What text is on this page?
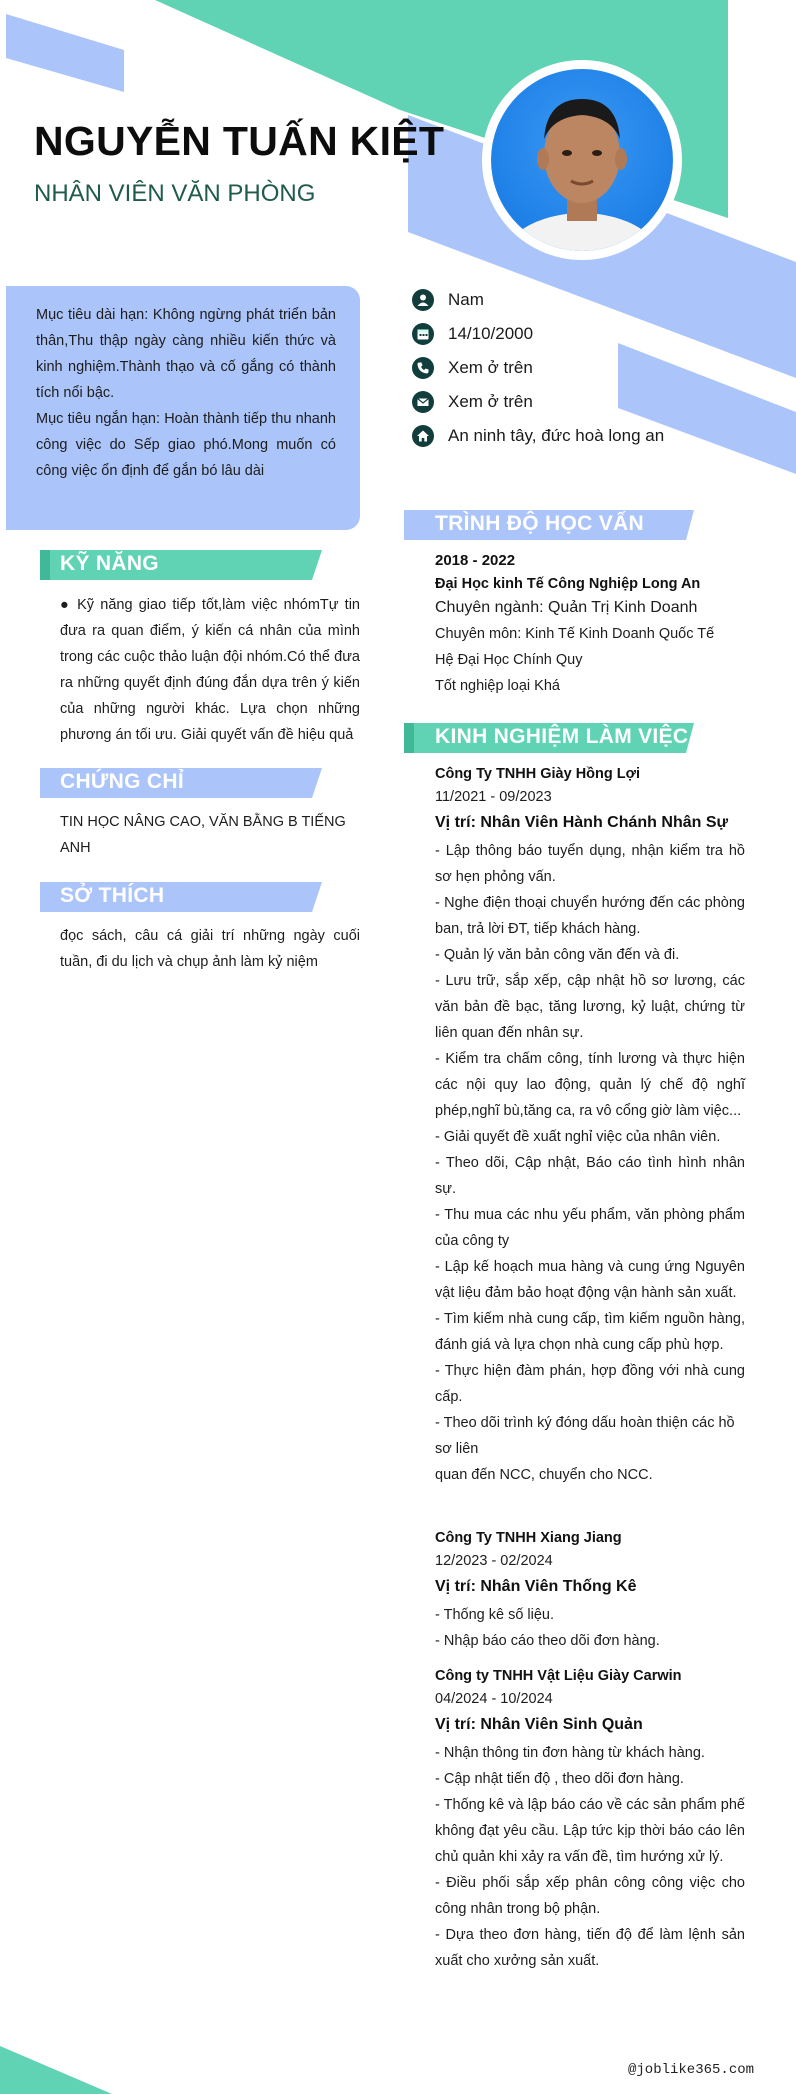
NGUYỄN TUẤN KIỆT
NHÂN VIÊN VĂN PHÒNG

Mục tiêu dài hạn: Không ngừng phát triển bản thân,Thu thập ngày càng nhiều kiến thức và kinh nghiệm.Thành thạo và cố gắng có thành tích nổi bậc.

Mục tiêu ngắn hạn: Hoàn thành tiếp thu nhanh công việc do Sếp giao phó.Mong muốn có công việc ổn định để gắn bó lâu dài

Nam
14/10/2000
Xem ở trên
Xem ở trên
An ninh tây, đức hoà long an
KỸ NĂNG
● Kỹ năng giao tiếp tốt,làm việc nhómTự tin đưa ra quan điểm, ý kiến cá nhân của mình trong các cuộc thảo luận đội nhóm.Có thể đưa ra những quyết định đúng đắn dựa trên ý kiến của những người khác. Lựa chọn những phương án tối ưu. Giải quyết vấn đề hiệu quả
CHỨNG CHỈ
TIN HỌC NÂNG CAO, VĂN BẰNG B TIẾNG ANH
SỞ THÍCH
đọc sách, câu cá giải trí những ngày cuối tuần, đi du lịch và chụp ảnh làm kỷ niệm
TRÌNH ĐỘ HỌC VẤN
2018 - 2022
Đại Học kinh Tế Công Nghiệp Long An
Chuyên ngành: Quản Trị Kinh Doanh
Chuyên môn: Kinh Tế Kinh Doanh Quốc Tế
Hệ Đại Học Chính Quy
Tốt nghiệp loại Khá
KINH NGHIỆM LÀM VIỆC
Công Ty TNHH Giày Hồng Lợi
11/2021 - 09/2023
Vị trí: Nhân Viên Hành Chánh Nhân Sự
- Lập thông báo tuyển dụng, nhận kiểm tra hồ sơ hẹn phỏng vấn.
- Nghe điện thoại chuyển hướng đến các phòng ban, trả lời ĐT, tiếp khách hàng.
- Quản lý văn bản công văn đến và đi.
- Lưu trữ, sắp xếp, cập nhật hồ sơ lương, các văn bản đề bạc, tăng lương, kỷ luật, chứng từ liên quan đến nhân sự.
- Kiểm tra chấm công, tính lương và thực hiện các nội quy lao động, quản lý chế độ nghĩ phép,nghĩ bù,tăng ca, ra vô cổng giờ làm việc...
- Giải quyết đề xuất nghỉ việc của nhân viên.
- Theo dõi, Cập nhật, Báo cáo tình hình nhân sự.
- Thu mua các nhu yếu phẩm, văn phòng phẩm của công ty
- Lập kế hoạch mua hàng và cung ứng Nguyên vật liệu đảm bảo hoạt động vận hành sản xuất.
- Tìm kiếm nhà cung cấp, tìm kiếm nguồn hàng, đánh giá và lựa chọn nhà cung cấp phù hợp.
- Thực hiện đàm phán, hợp đồng với nhà cung cấp.
- Theo dõi trình ký đóng dấu hoàn thiện các hồ sơ liên
quan đến NCC, chuyển cho NCC.
Công Ty TNHH Xiang Jiang
12/2023 - 02/2024
Vị trí: Nhân Viên Thống Kê
- Thống kê số liệu.
- Nhập báo cáo theo dõi đơn hàng.
Công ty TNHH Vật Liệu Giày Carwin
04/2024 - 10/2024
Vị trí: Nhân Viên Sinh Quản
- Nhận thông tin đơn hàng từ khách hàng.
- Cập nhật tiến độ , theo dõi đơn hàng.
- Thống kê và lập báo cáo về các sản phẩm phế không đạt yêu cầu. Lập tức kịp thời báo cáo lên chủ quản khi xảy ra vấn đề, tìm hướng xử lý.
- Điều phối sắp xếp phân công công việc cho công nhân trong bộ phận.
- Dựa theo đơn hàng, tiến độ để làm lệnh sản xuất cho xưởng sản xuất.
@joblike365.com
